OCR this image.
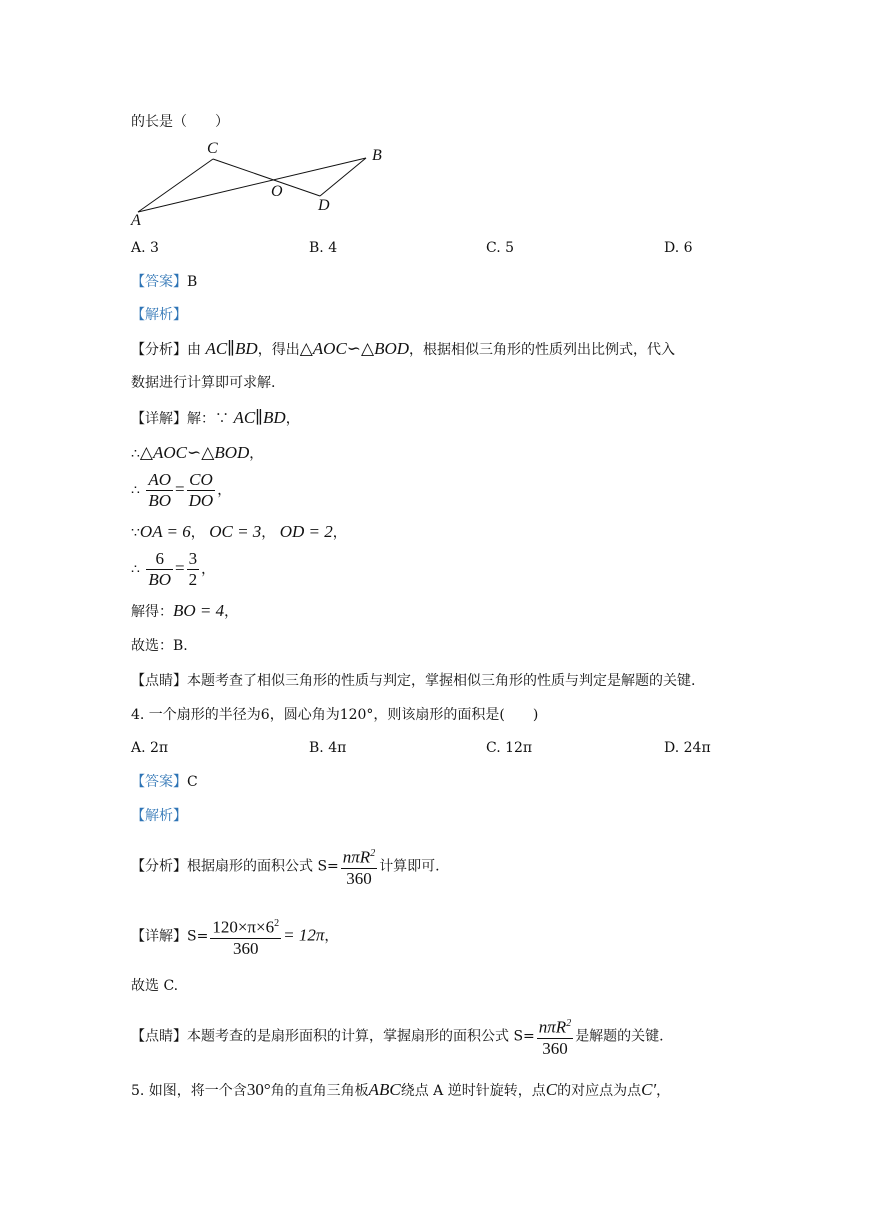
的长是（　　）
C	B
O
D
A
A. 3	B. 4	C. 5	D. 6
【答案】B
【解析】
【分析】由 AC∥BD，得出△AOC∽△BOD，根据相似三角形的性质列出比例式，代入
数据进行计算即可求解.
【详解】解：∵ AC∥BD，
∴△AOC∽△BOD，
∴ $\frac{AO}{BO} = \frac{CO}{DO}$ ，
∵OA = 6， OC = 3， OD = 2，
∴ $\frac{6}{BO} = \frac{3}{2}$ ，
解得：BO = 4，
故选：B.
【点睛】本题考查了相似三角形的性质与判定，掌握相似三角形的性质与判定是解题的关键.
4. 一个扇形的半径为6，圆心角为120°，则该扇形的面积是(　　)
A. 2π	B. 4π	C. 12π	D. 24π
【答案】C
【解析】
【分析】根据扇形的面积公式 $S= \frac{n\pi R^2}{360}$ 计算即可.
【详解】$S= \frac{120\times\pi\times 6^2}{360} = 12\pi$，
故选 C.
【点睛】本题考查的是扇形面积的计算，掌握扇形的面积公式 $S= \frac{n\pi R^2}{360}$ 是解题的关键.
5. 如图，将一个含30°角的直角三角板ABC绕点 A 逆时针旋转，点C的对应点为点C′，
